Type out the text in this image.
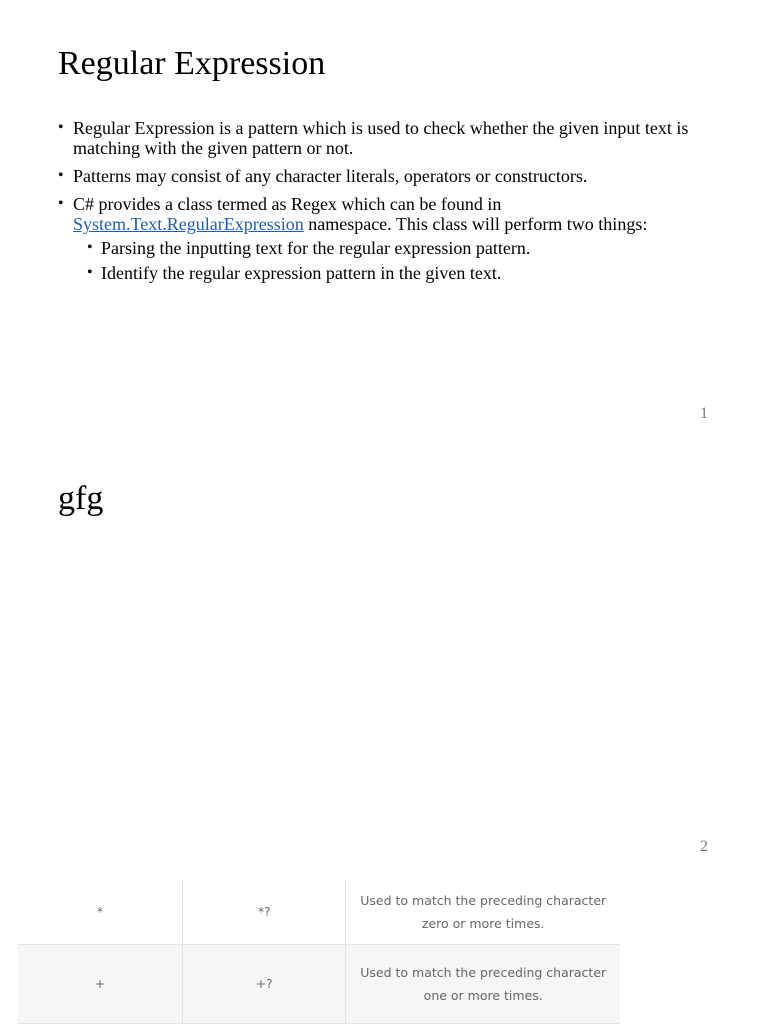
Regular Expression
• Regular Expression is a pattern which is used to check whether the given input text is matching with the given pattern or not.
• Patterns may consist of any character literals, operators or constructors.
• C# provides a class termed as Regex which can be found in System.Text.RegularExpression namespace. This class will perform two things:
• Parsing the inputting text for the regular expression pattern.
• Identify the regular expression pattern in the given text.
1
gfg
2
*	*?	Used to match the preceding character zero or more times.
+	+?	Used to match the preceding character one or more times.
